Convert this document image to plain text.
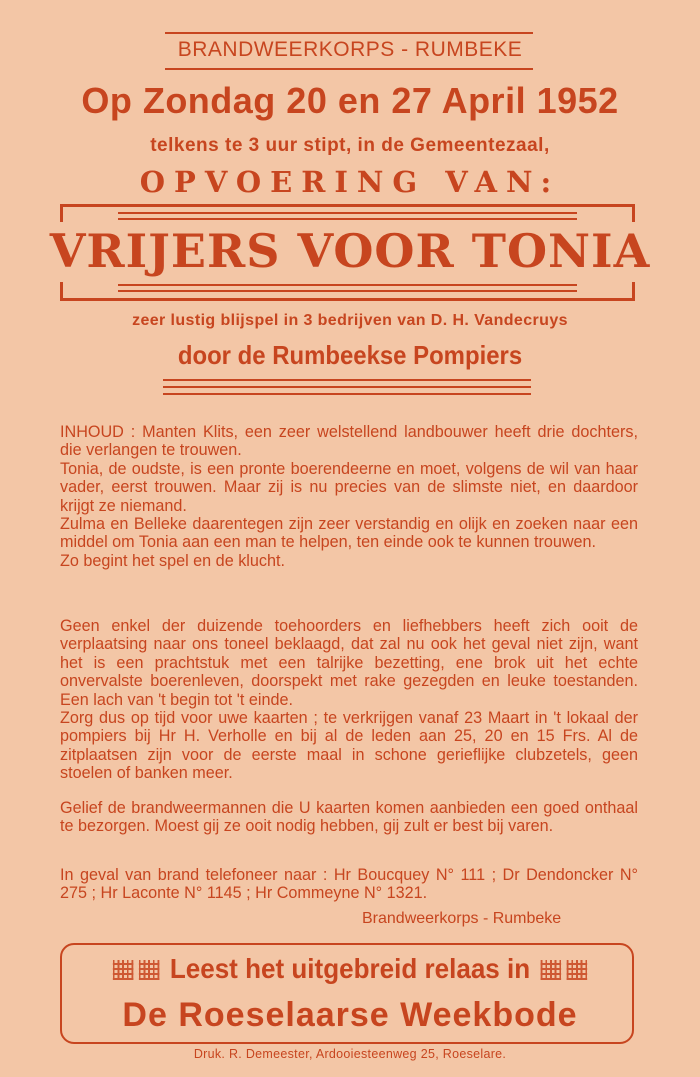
BRANDWEERKORPS - RUMBEKE
Op Zondag 20 en 27 April 1952
telkens te 3 uur stipt, in de Gemeentezaal,
OPVOERING VAN:
VRIJERS VOOR TONIA
zeer lustig blijspel in 3 bedrijven van D. H. Vandecruys
door de Rumbeekse Pompiers

INHOUD : Manten Klits, een zeer welstellend landbouwer heeft drie dochters, die verlangen te trouwen.

Tonia, de oudste, is een pronte boerendeerne en moet, volgens de wil van haar vader, eerst trouwen. Maar zij is nu precies van de slimste niet, en daardoor krijgt ze niemand.

Zulma en Belleke daarentegen zijn zeer verstandig en olijk en zoeken naar een middel om Tonia aan een man te helpen, ten einde ook te kunnen trouwen.

Zo begint het spel en de klucht.

Geen enkel der duizende toehoorders en liefhebbers heeft zich ooit de verplaatsing naar ons toneel beklaagd, dat zal nu ook het geval niet zijn, want het is een prachtstuk met een talrijke bezetting, ene brok uit het echte onvervalste boerenleven, doorspekt met rake gezegden en leuke toestanden. Een lach van 't begin tot 't einde.

Zorg dus op tijd voor uwe kaarten ; te verkrijgen vanaf 23 Maart in 't lokaal der pompiers bij Hr H. Verholle en bij al de leden aan 25, 20 en 15 Frs. Al de zitplaatsen zijn voor de eerste maal in schone gerieflijke clubzetels, geen stoelen of banken meer.

Gelief de brandweermannen die U kaarten komen aanbieden een goed onthaal te bezorgen. Moest gij ze ooit nodig hebben, gij zult er best bij varen.

In geval van brand telefoneer naar : Hr Boucquey N° 111 ; Dr Dendoncker N° 275 ; Hr Laconte N° 1145 ; Hr Commeyne N° 1321.

Brandweerkorps - Rumbeke
Leest het uitgebreid relaas in
De Roeselaarse Weekbode
Druk. R. Demeester, Ardooiesteenweg 25, Roeselare.
